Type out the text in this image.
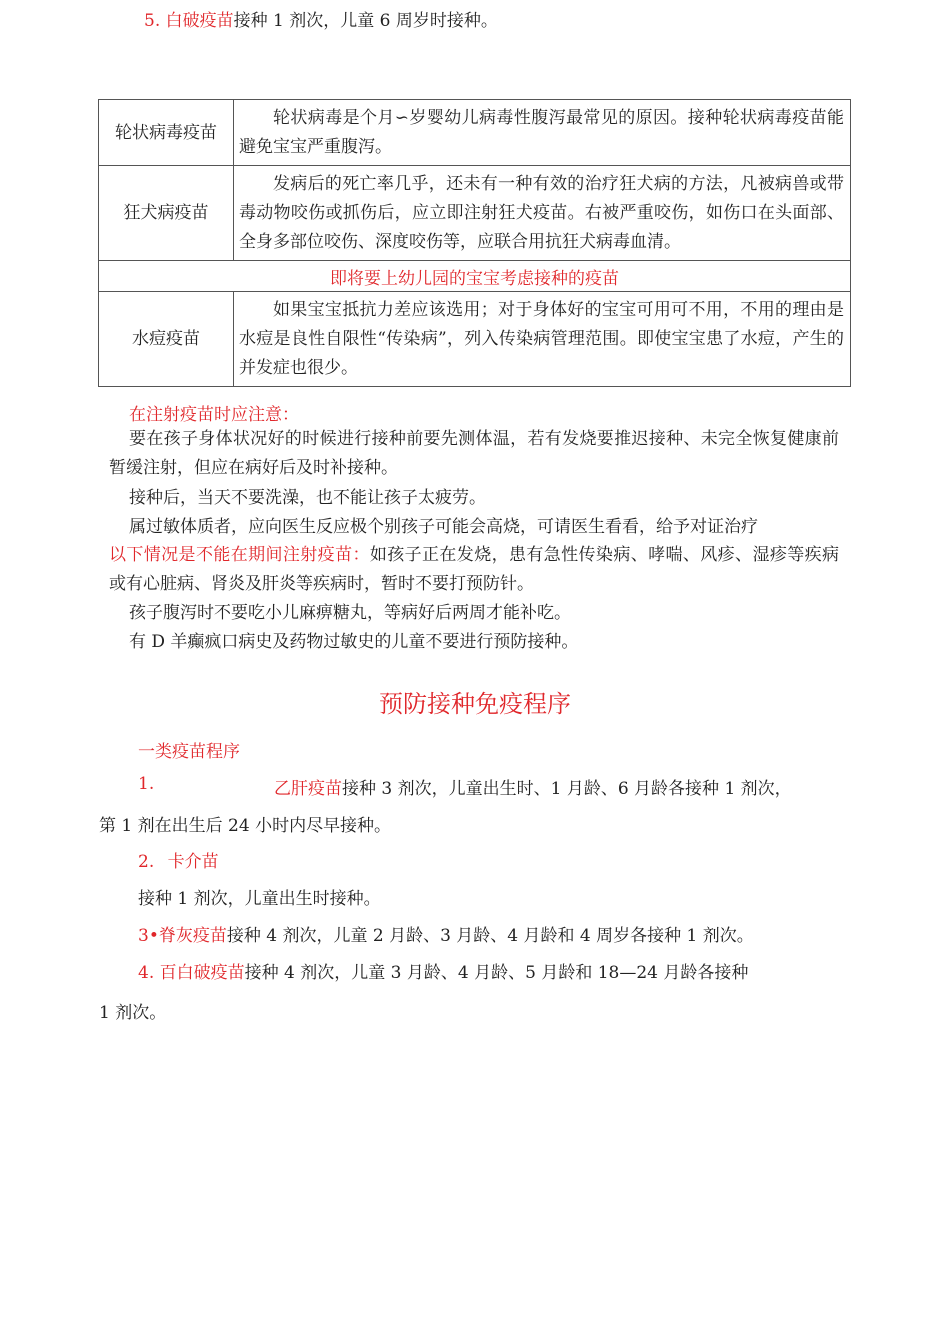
5. 白破疫苗接种 1 剂次，儿童 6 周岁时接种。
轮状病毒疫苗	轮状病毒是个月∽岁婴幼儿病毒性腹泻最常见的原因。接种轮状病毒疫苗能避免宝宝严重腹泻。
狂犬病疫苗	发病后的死亡率几乎，还未有一种有效的治疗狂犬病的方法，凡被病兽或带毒动物咬伤或抓伤后，应立即注射狂犬疫苗。右被严重咬伤，如伤口在头面部、全身多部位咬伤、深度咬伤等，应联合用抗狂犬病毒血清。
即将要上幼儿园的宝宝考虑接种的疫苗	
水痘疫苗	如果宝宝抵抗力差应该选用；对于身体好的宝宝可用可不用，不用的理由是水痘是良性自限性“传染病”，列入传染病管理范围。即使宝宝患了水痘，产生的并发症也很少。
在注射疫苗时应注意：
要在孩子身体状况好的时候进行接种前要先测体温，若有发烧要推迟接种、未完全恢复健康前暂缓注射，但应在病好后及时补接种。
接种后，当天不要洗澡，也不能让孩子太疲劳。
属过敏体质者，应向医生反应极个别孩子可能会高烧，可请医生看看，给予对证治疗
以下情况是不能在期间注射疫苗：如孩子正在发烧，患有急性传染病、哮喘、风疹、湿疹等疾病或有心脏病、肾炎及肝炎等疾病时，暂时不要打预防针。
孩子腹泻时不要吃小儿麻痹糖丸，等病好后两周才能补吃。
有 D 羊癫疯口病史及药物过敏史的儿童不要进行预防接种。
预防接种免疫程序
一类疫苗程序
1.	乙肝疫苗接种 3 剂次，儿童出生时、1 月龄、6 月龄各接种 1 剂次，
第 1 剂在出生后 24 小时内尽早接种。
2. 卡介苗
接种 1 剂次，儿童出生时接种。
3•脊灰疫苗接种 4 剂次，儿童 2 月龄、3 月龄、4 月龄和 4 周岁各接种 1 剂次。
4. 百白破疫苗接种 4 剂次，儿童 3 月龄、4 月龄、5 月龄和 18—24 月龄各接种
1 剂次。
